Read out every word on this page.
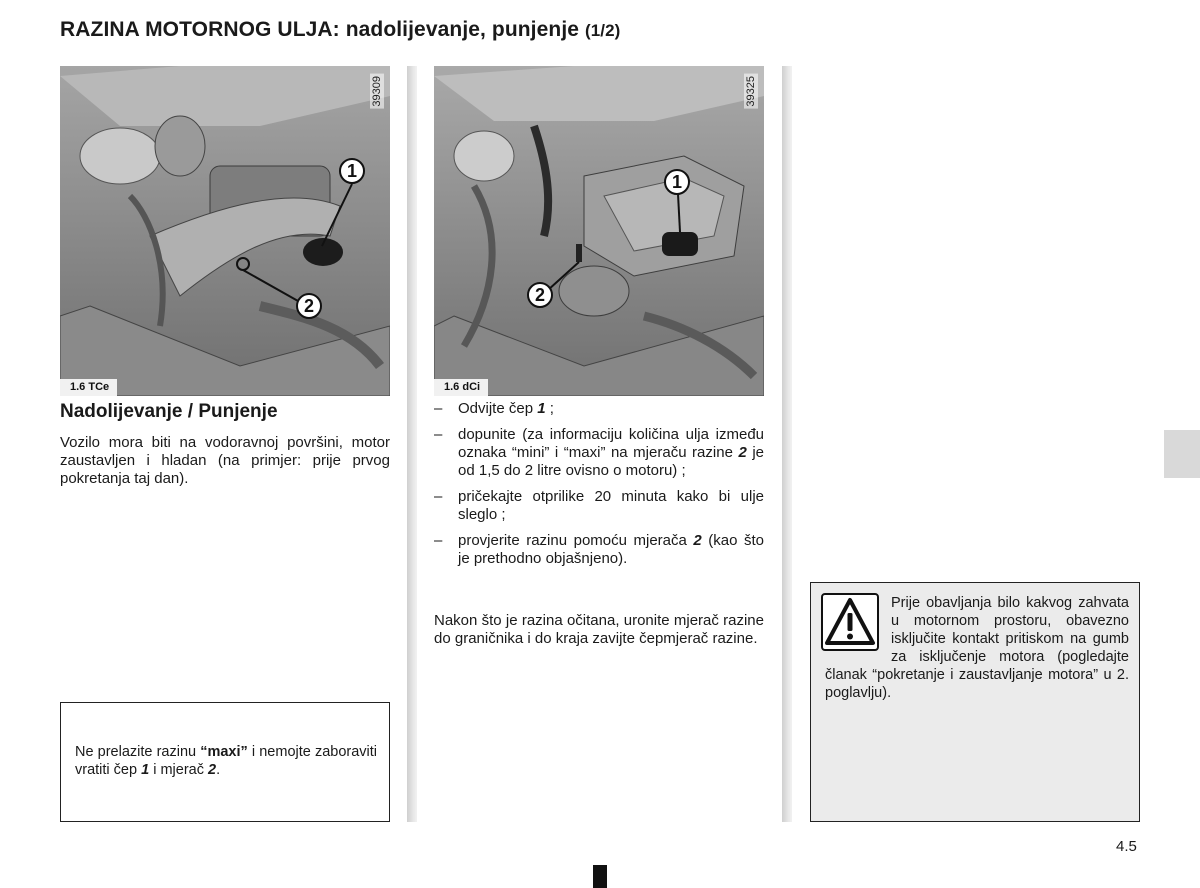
RAZINA MOTORNOG ULJA: nadolijevanje, punjenje (1/2)
1
2
39309
1.6 TCe
1
2
39325
1.6 dCi
Nadolijevanje / Punjenje
Vozilo mora biti na vodoravnoj površini, motor zaustavljen i hladan (na primjer: prije prvog pokretanja taj dan).
Ne prelazite razinu “maxi” i nemojte zaboraviti vratiti čep 1 i mjerač 2.
– Odvijte čep 1 ;
– dopunite (za informaciju količina ulja između oznaka “mini” i “maxi” na mjeraču razine 2 je od 1,5 do 2 litre ovisno o motoru) ;
– pričekajte otprilike 20 minuta kako bi ulje sleglo ;
– provjerite razinu pomoću mjerača 2 (kao što je prethodno objašnjeno).
Nakon što je razina očitana, uronite mjerač razine do graničnika i do kraja zavijte čepmjerač razine.
Prije obavljanja bilo kakvog zahvata u motornom prostoru, obavezno isključite kontakt pritiskom na gumb za isključenje motora (pogledajte članak “pokretanje i zaustavljanje motora” u 2. poglavlju).
4.5
